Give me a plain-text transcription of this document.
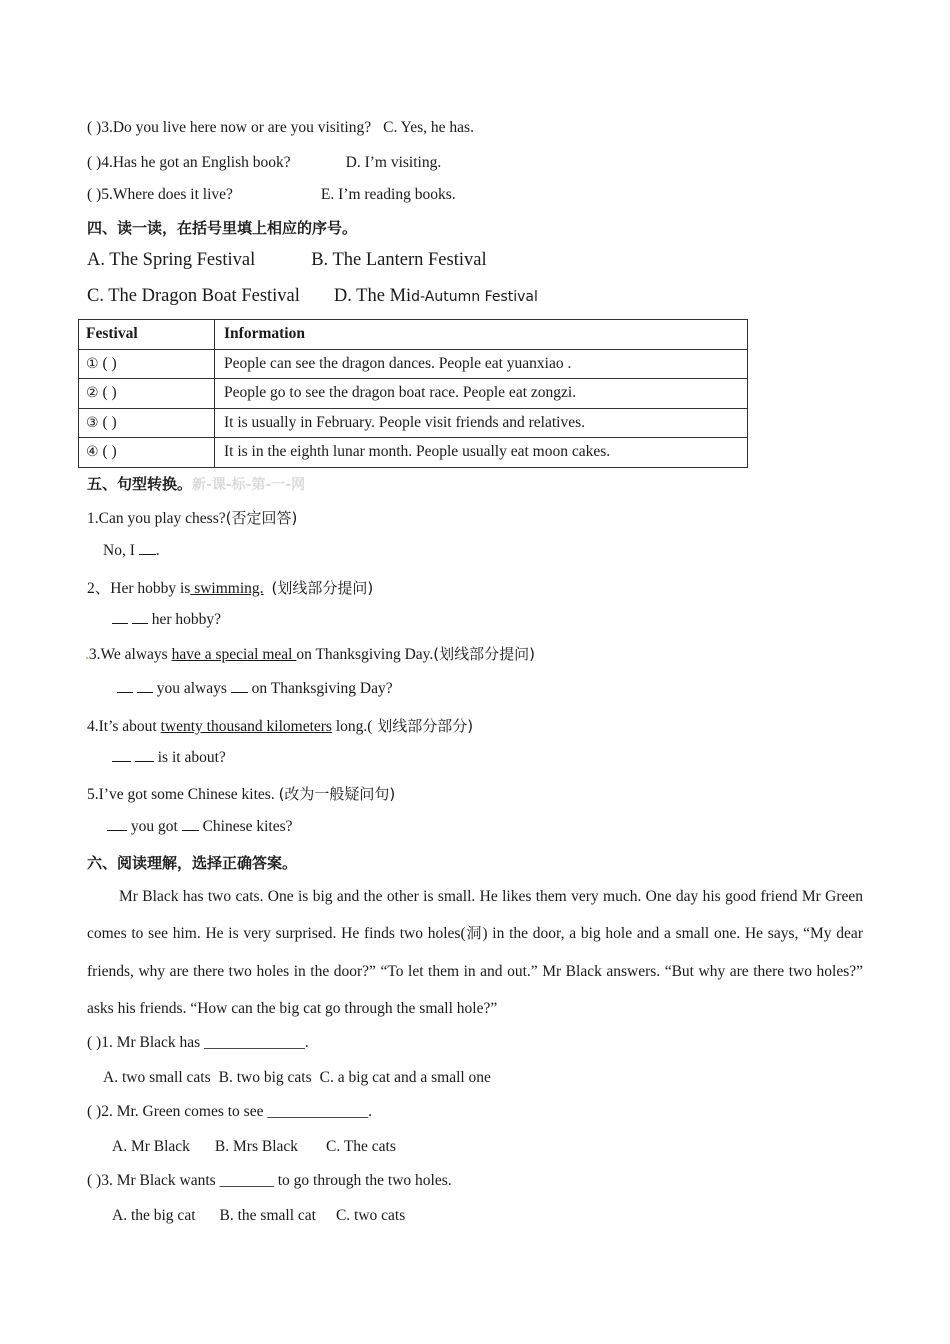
( )3.Do you live here now or are you visiting? C. Yes, he has.
( )4.Has he got an English book?	D. I’m visiting.
( )5.Where does it live?	E. I’m reading books.
四、读一读，在括号里填上相应的序号。
A. The Spring Festival	B. The Lantern Festival
C. The Dragon Boat Festival D. The Mid-Autumn Festival
Festival	Information
① ( )	People can see the dragon dances. People eat yuanxiao .
② ( )	People go to see the dragon boat race. People eat zongzi.
③ ( )	It is usually in February. People visit friends and relatives.
④ ( )	It is in the eighth lunar month. People usually eat moon cakes.
五、句型转换。新-课-标-第-一-网
1.Can you play chess?(否定回答)
No, I .
2、Her hobby is swimming. (划线部分提问)
her hobby?
.3.We always have a special meal on Thanksgiving Day.(划线部分提问)
you always on Thanksgiving Day?
4.It’s about twenty thousand kilometers long.( 划线部分部分)
is it about?
5.I’ve got some Chinese kites. (改为一般疑问句)
you got Chinese kites?
六、阅读理解，选择正确答案。
Mr Black has two cats. One is big and the other is small. He likes them very much. One day his good friend Mr Green comes to see him. He is very surprised. He finds two holes(洞) in the door, a big hole and a small one. He says, “My dear friends, why are there two holes in the door?” “To let them in and out.” Mr Black answers. “But why are there two holes?” asks his friends. “How can the big cat go through the small hole?”
( )1. Mr Black has _____________.
A. two small cats B. two big cats C. a big cat and a small one
( )2. Mr. Green comes to see _____________.
A. Mr Black B. Mrs Black C. The cats
( )3. Mr Black wants _______ to go through the two holes.
A. the big cat B. the small cat C. two cats
